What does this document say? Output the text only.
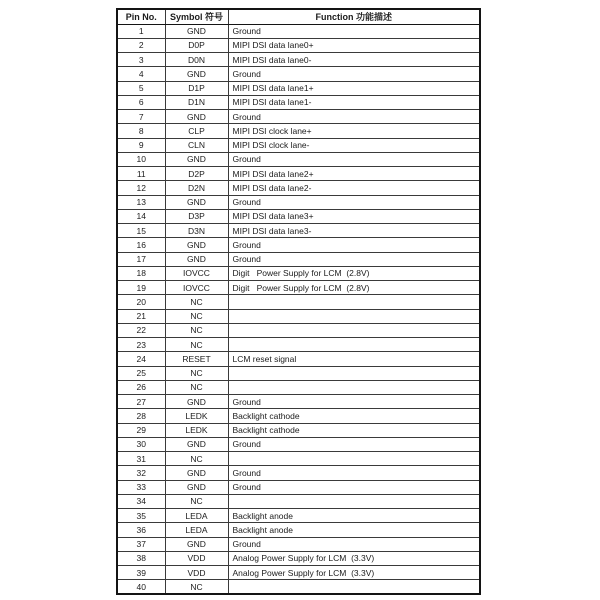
Pin No.	Symbol 符号	Function 功能描述
1	GND	Ground
2	D0P	MIPI DSI data lane0+
3	D0N	MIPI DSI data lane0-
4	GND	Ground
5	D1P	MIPI DSI data lane1+
6	D1N	MIPI DSI data lane1-
7	GND	Ground
8	CLP	MIPI DSI clock lane+
9	CLN	MIPI DSI clock lane-
10	GND	Ground
11	D2P	MIPI DSI data lane2+
12	D2N	MIPI DSI data lane2-
13	GND	Ground
14	D3P	MIPI DSI data lane3+
15	D3N	MIPI DSI data lane3-
16	GND	Ground
17	GND	Ground
18	IOVCC	Digit   Power Supply for LCM  (2.8V)
19	IOVCC	Digit   Power Supply for LCM  (2.8V)
20	NC	
21	NC	
22	NC	
23	NC	
24	RESET	LCM reset signal
25	NC	
26	NC	
27	GND	Ground
28	LEDK	Backlight cathode
29	LEDK	Backlight cathode
30	GND	Ground
31	NC	
32	GND	Ground
33	GND	Ground
34	NC	
35	LEDA	Backlight anode
36	LEDA	Backlight anode
37	GND	Ground
38	VDD	Analog Power Supply for LCM  (3.3V)
39	VDD	Analog Power Supply for LCM  (3.3V)
40	NC	
